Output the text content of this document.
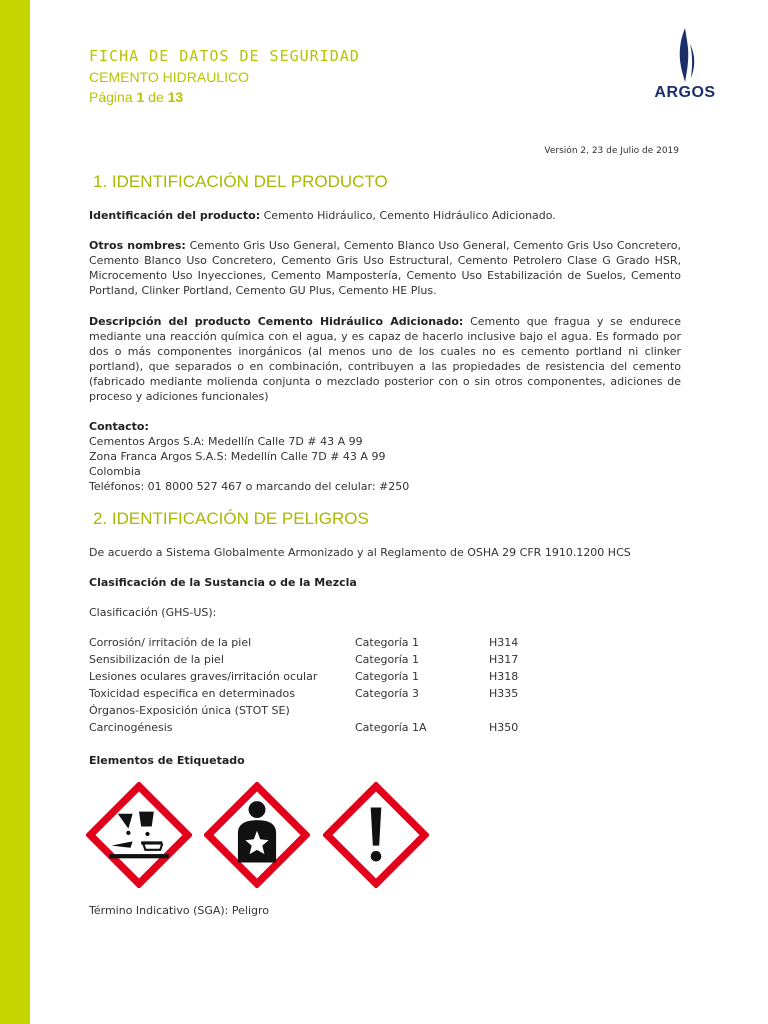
FICHA DE DATOS DE SEGURIDAD
CEMENTO HIDRAULICO
Página 1 de 13	ARGOS
Versión 2, 23 de Julio de 2019
1. IDENTIFICACIÓN DEL PRODUCTO
Identificación del producto: Cemento Hidráulico, Cemento Hidráulico Adicionado.
Otros nombres: Cemento Gris Uso General, Cemento Blanco Uso General, Cemento Gris Uso Concretero, Cemento Blanco Uso Concretero, Cemento Gris Uso Estructural, Cemento Petrolero Clase G Grado HSR, Microcemento Uso Inyecciones, Cemento Mampostería, Cemento Uso Estabilización de Suelos, Cemento Portland, Clinker Portland, Cemento GU Plus, Cemento HE Plus.
Descripción del producto Cemento Hidráulico Adicionado: Cemento que fragua y se endurece mediante una reacción química con el agua, y es capaz de hacerlo inclusive bajo el agua. Es formado por dos o más componentes inorgánicos (al menos uno de los cuales no es cemento portland ni clinker portland), que separados o en combinación, contribuyen a las propiedades de resistencia del cemento (fabricado mediante molienda conjunta o mezclado posterior con o sin otros componentes, adiciones de proceso y adiciones funcionales)
Contacto:
Cementos Argos S.A: Medellín Calle 7D # 43 A 99
Zona Franca Argos S.A.S: Medellín Calle 7D # 43 A 99
Colombia
Teléfonos: 01 8000 527 467 o marcando del celular: #250
2. IDENTIFICACIÓN DE PELIGROS
De acuerdo a Sistema Globalmente Armonizado y al Reglamento de OSHA 29 CFR 1910.1200 HCS
Clasificación de la Sustancia o de la Mezcla
Clasificación (GHS-US):
Corrosión/ irritación de la piel	Categoría 1	H314
Sensibilización de la piel	Categoría 1	H317
Lesiones oculares graves/irritación ocular	Categoría 1	H318
Toxicidad especifica en determinados	Categoría 3	H335
Órganos-Exposición única (STOT SE)
Carcinogénesis	Categoría 1A	H350
Elementos de Etiquetado
Término Indicativo (SGA): Peligro
